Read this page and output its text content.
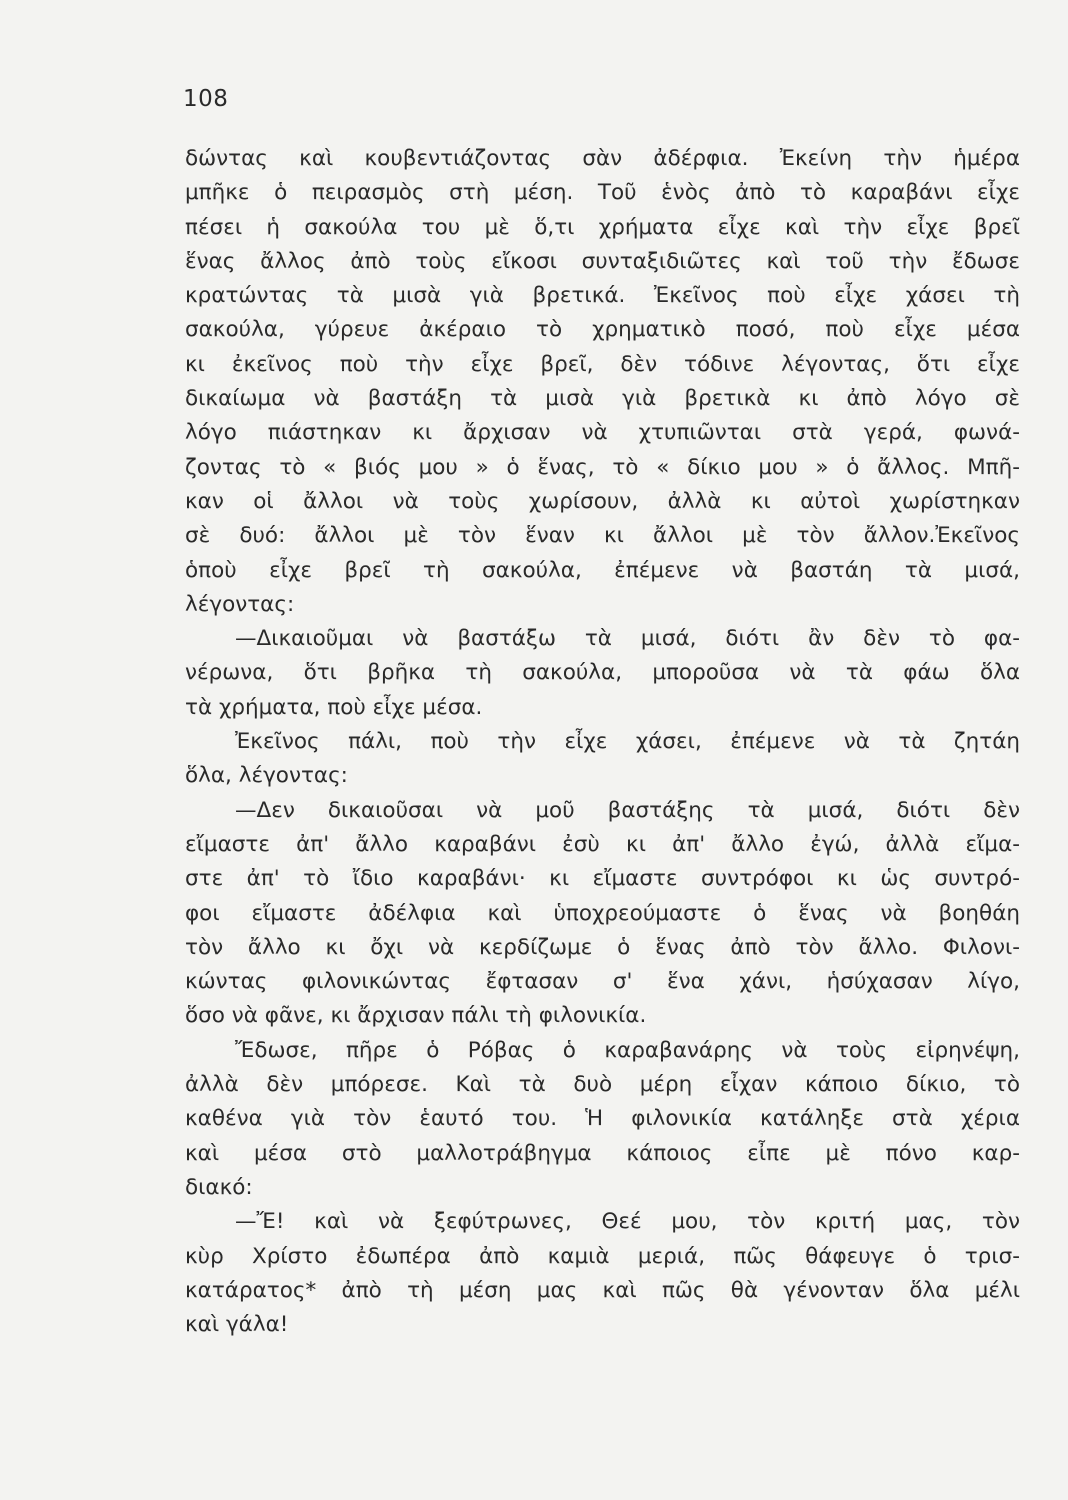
108
δώντας καὶ κουβεντιάζοντας σὰν ἀδέρφια. Ἐκείνη τὴν ἡμέρα
μπῆκε ὁ πειρασμὸς στὴ μέση. Τοῦ ἑνὸς ἀπὸ τὸ καραβάνι εἶχε
πέσει ἡ σακούλα του μὲ ὅ,τι χρήματα εἶχε καὶ τὴν εἶχε βρεῖ
ἕνας ἄλλος ἀπὸ τοὺς εἴκοσι συνταξιδιῶτες καὶ τοῦ τὴν ἔδωσε
κρατώντας τὰ μισὰ γιὰ βρετικά. Ἐκεῖνος ποὺ εἶχε χάσει τὴ
σακούλα, γύρευε ἀκέραιο τὸ χρηματικὸ ποσό, ποὺ εἶχε μέσα
κι ἐκεῖνος ποὺ τὴν εἶχε βρεῖ, δὲν τόδινε λέγοντας, ὅτι εἶχε
δικαίωμα νὰ βαστάξη τὰ μισὰ γιὰ βρετικὰ κι ἀπὸ λόγο σὲ
λόγο πιάστηκαν κι ἄρχισαν νὰ χτυπιῶνται στὰ γερά, φωνά-
ζοντας τὸ « βιός μου » ὁ ἕνας, τὸ « δίκιο μου » ὁ ἄλλος. Μπῆ-
καν οἱ ἄλλοι νὰ τοὺς χωρίσουν, ἀλλὰ κι αὐτοὶ χωρίστηκαν
σὲ δυό: ἄλλοι μὲ τὸν ἕναν κι ἄλλοι μὲ τὸν ἄλλον.Ἐκεῖνος
ὁποὺ εἶχε βρεῖ τὴ σακούλα, ἐπέμενε νὰ βαστάη τὰ μισά,
λέγοντας:
—Δικαιοῦμαι νὰ βαστάξω τὰ μισά, διότι ἂν δὲν τὸ φα-
νέρωνα, ὅτι βρῆκα τὴ σακούλα, μποροῦσα νὰ τὰ φάω ὅλα
τὰ χρήματα, ποὺ εἶχε μέσα.
Ἐκεῖνος πάλι, ποὺ τὴν εἶχε χάσει, ἐπέμενε νὰ τὰ ζητάη
ὅλα, λέγοντας:
—Δεν δικαιοῦσαι νὰ μοῦ βαστάξης τὰ μισά, διότι δὲν
εἴμαστε ἀπ' ἄλλο καραβάνι ἐσὺ κι ἀπ' ἄλλο ἐγώ, ἀλλὰ εἴμα-
στε ἀπ' τὸ ἴδιο καραβάνι· κι εἴμαστε συντρόφοι κι ὡς συντρό-
φοι εἴμαστε ἀδέλφια καὶ ὑποχρεούμαστε ὁ ἕνας νὰ βοηθάη
τὸν ἄλλο κι ὄχι νὰ κερδίζωμε ὁ ἕνας ἀπὸ τὸν ἄλλο. Φιλονι-
κώντας φιλονικώντας ἔφτασαν σ' ἕνα χάνι, ἡσύχασαν λίγο,
ὅσο νὰ φᾶνε, κι ἄρχισαν πάλι τὴ φιλονικία.
Ἔδωσε, πῆρε ὁ Ρόβας ὁ καραβανάρης νὰ τοὺς εἰρηνέψη,
ἀλλὰ δὲν μπόρεσε. Καὶ τὰ δυὸ μέρη εἶχαν κάποιο δίκιο, τὸ
καθένα γιὰ τὸν ἑαυτό του. Ἡ φιλονικία κατάληξε στὰ χέρια
καὶ μέσα στὸ μαλλοτράβηγμα κάποιος εἶπε μὲ πόνο καρ-
διακό:
—Ἔ! καὶ νὰ ξεφύτρωνες, Θεέ μου, τὸν κριτή μας, τὸν
κὺρ Χρίστο ἐδωπέρα ἀπὸ καμιὰ μεριά, πῶς θάφευγε ὁ τρισ-
κατάρατος* ἀπὸ τὴ μέση μας καὶ πῶς θὰ γένονταν ὅλα μέλι
καὶ γάλα!
